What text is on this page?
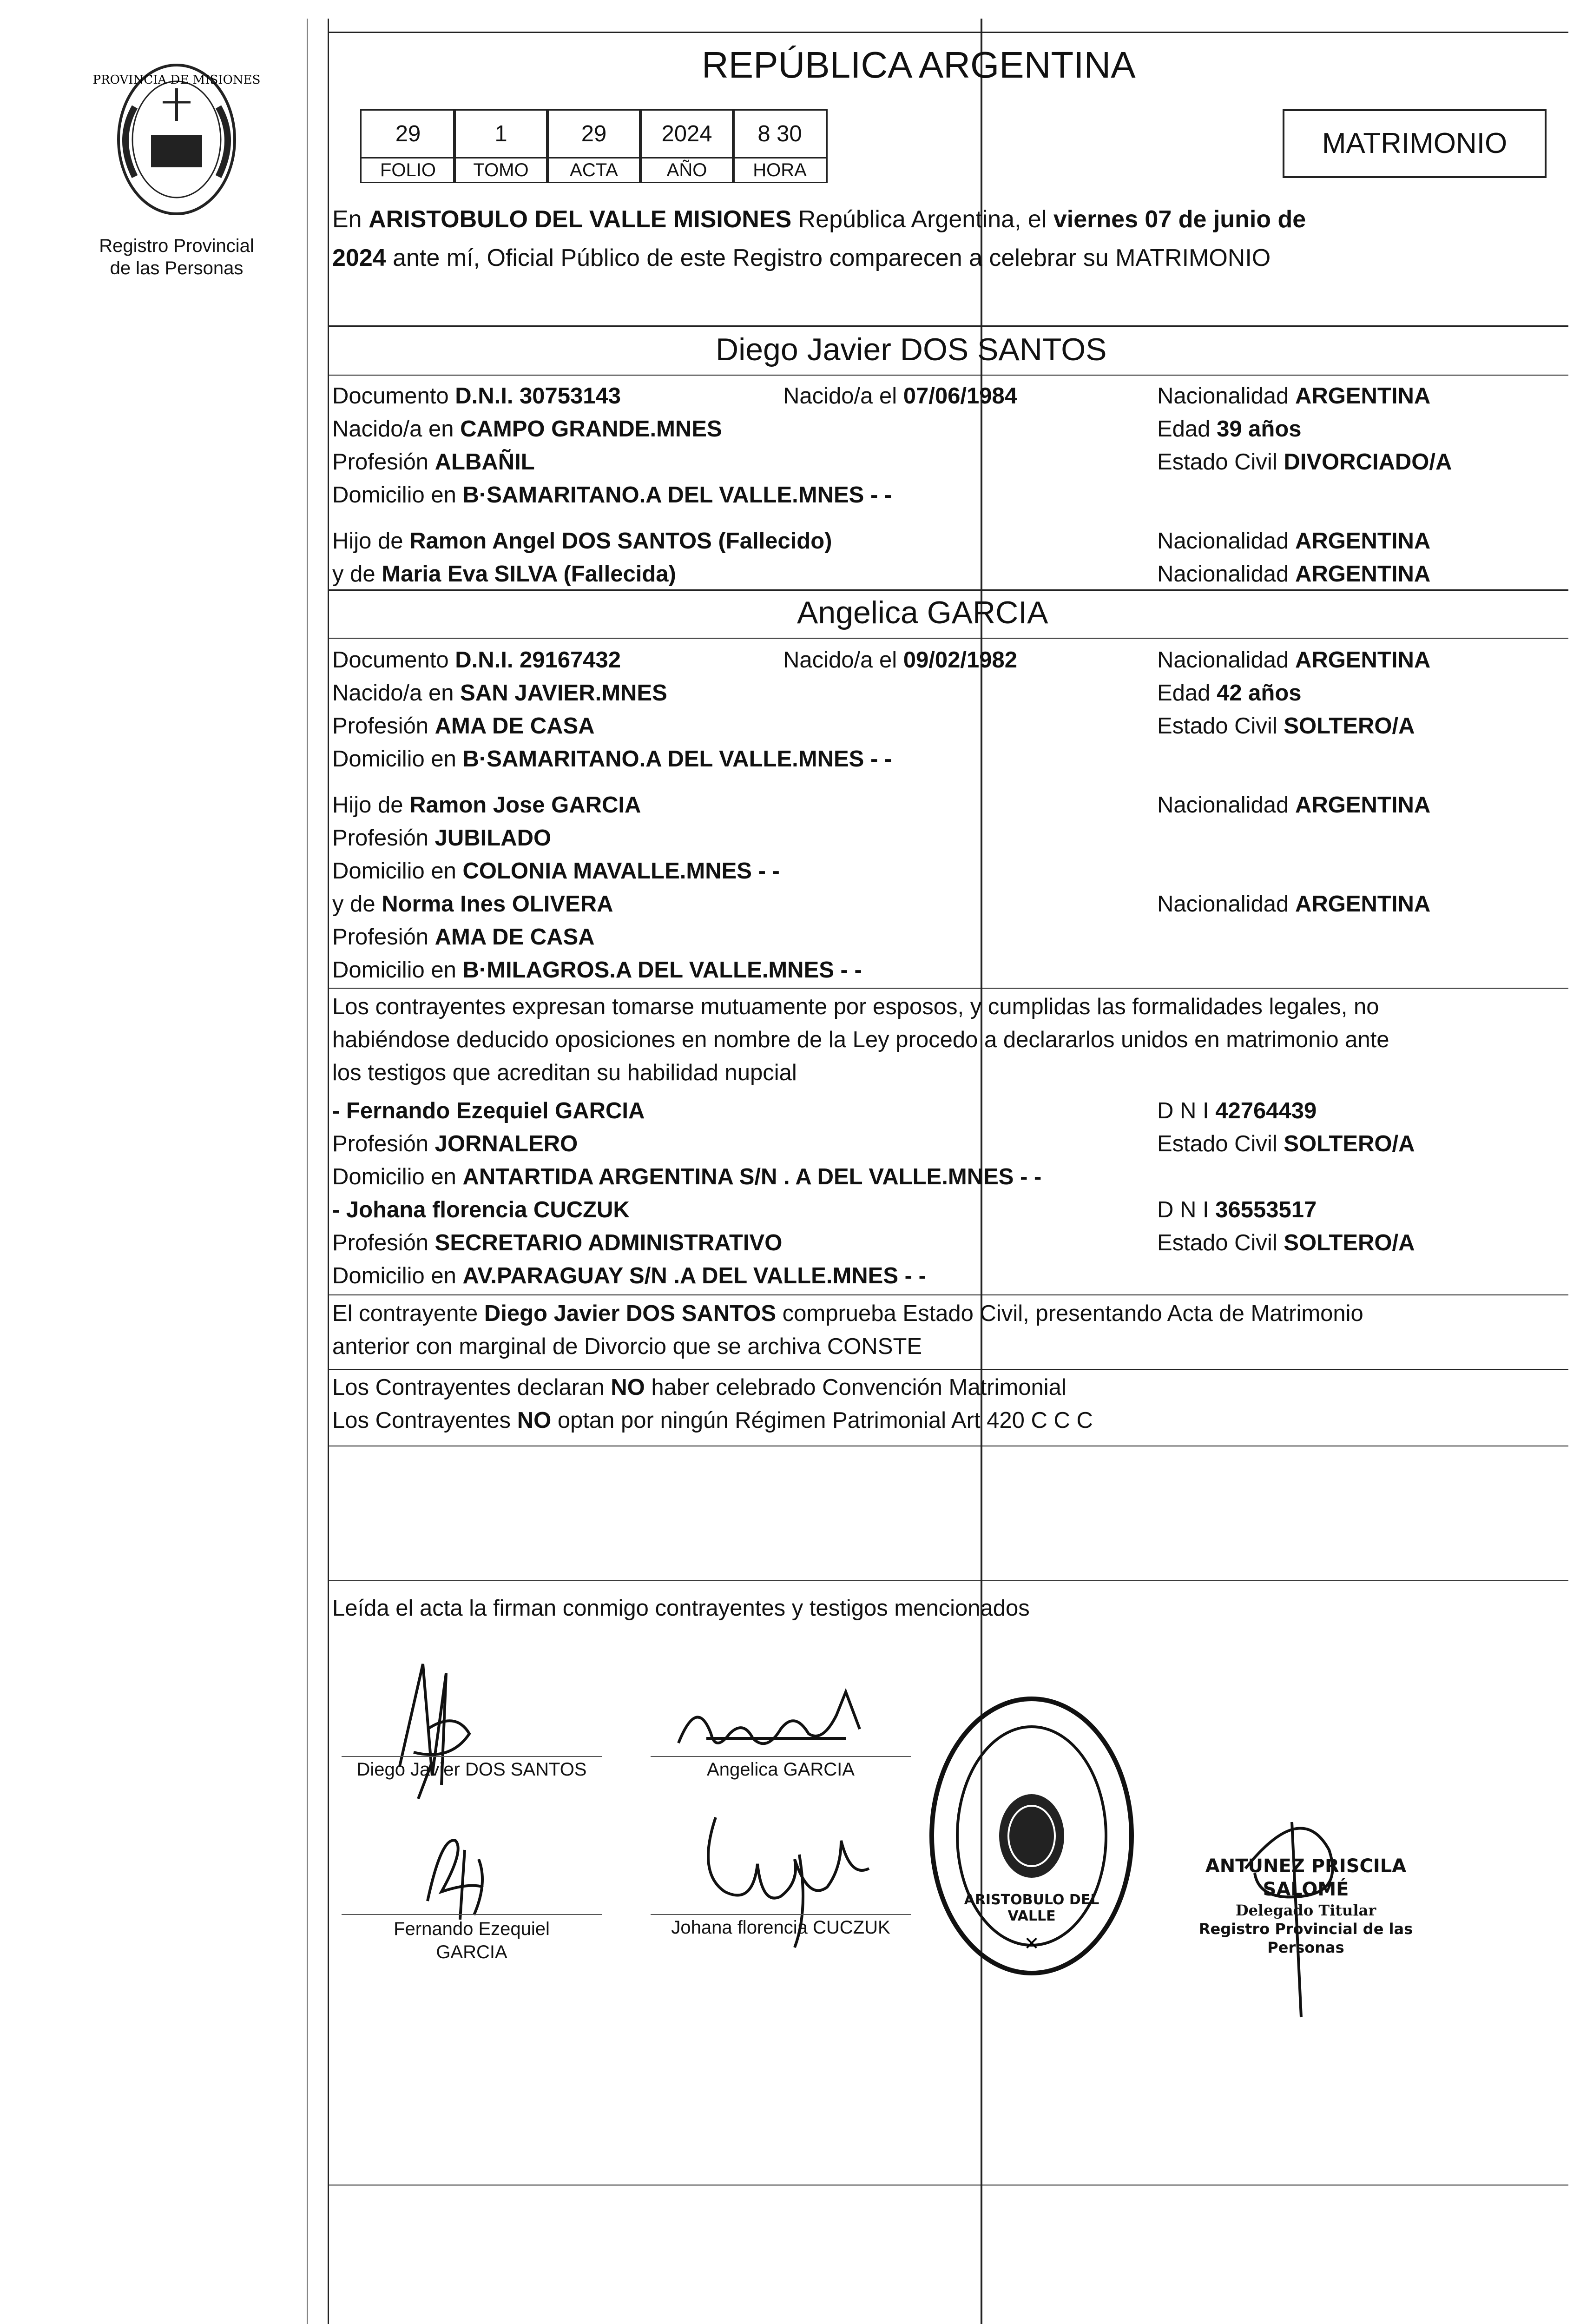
PROVINCIA DE MISIONES
Registro Provincial
de las Personas
REPÚBLICA ARGENTINA
29	1	29	2024	8 30
FOLIO	TOMO	ACTA	AÑO	HORA
MATRIMONIO
En ARISTOBULO DEL VALLE MISIONES República Argentina, el viernes 07 de junio de
2024 ante mí, Oficial Público de este Registro comparecen a celebrar su MATRIMONIO
Diego Javier DOS SANTOS
Documento D.N.I. 30753143	Nacido/a el 07/06/1984	Nacionalidad ARGENTINA
Nacido/a en CAMPO GRANDE.MNES	Edad 39 años
Profesión ALBAÑIL	Estado Civil DIVORCIADO/A
Domicilio en B·SAMARITANO.A DEL VALLE.MNES - -
Hijo de Ramon Angel DOS SANTOS (Fallecido)	Nacionalidad ARGENTINA
y de Maria Eva SILVA (Fallecida)	Nacionalidad ARGENTINA
Angelica GARCIA
Documento D.N.I. 29167432	Nacido/a el 09/02/1982	Nacionalidad ARGENTINA
Nacido/a en SAN JAVIER.MNES	Edad 42 años
Profesión AMA DE CASA	Estado Civil SOLTERO/A
Domicilio en B·SAMARITANO.A DEL VALLE.MNES - -
Hijo de Ramon Jose GARCIA	Nacionalidad ARGENTINA
Profesión JUBILADO
Domicilio en COLONIA MAVALLE.MNES - -
y de Norma Ines OLIVERA	Nacionalidad ARGENTINA
Profesión AMA DE CASA
Domicilio en B·MILAGROS.A DEL VALLE.MNES - -
Los contrayentes expresan tomarse mutuamente por esposos, y cumplidas las formalidades legales, no
habiéndose deducido oposiciones en nombre de la Ley procedo a declararlos unidos en matrimonio ante
los testigos que acreditan su habilidad nupcial
- Fernando Ezequiel GARCIA	D N I 42764439
Profesión JORNALERO	Estado Civil SOLTERO/A
Domicilio en ANTARTIDA ARGENTINA S/N . A DEL VALLE.MNES - -
- Johana florencia CUCZUK	D N I 36553517
Profesión SECRETARIO ADMINISTRATIVO	Estado Civil SOLTERO/A
Domicilio en AV.PARAGUAY S/N .A DEL VALLE.MNES - -
El contrayente Diego Javier DOS SANTOS comprueba Estado Civil, presentando Acta de Matrimonio
anterior con marginal de Divorcio que se archiva CONSTE
Los Contrayentes declaran NO haber celebrado Convención Matrimonial
Los Contrayentes NO optan por ningún Régimen Patrimonial Art 420 C C C
Leída el acta la firman conmigo contrayentes y testigos mencionados
Diego Javier DOS SANTOS	Angelica GARCIA
Fernando Ezequiel
GARCIA
Johana florencia CUCZUK
✕
ARISTOBULO DEL VALLE
ANTUNEZ PRISCILA SALOMÉ
Delegado Titular
Registro Provincial de las Personas
